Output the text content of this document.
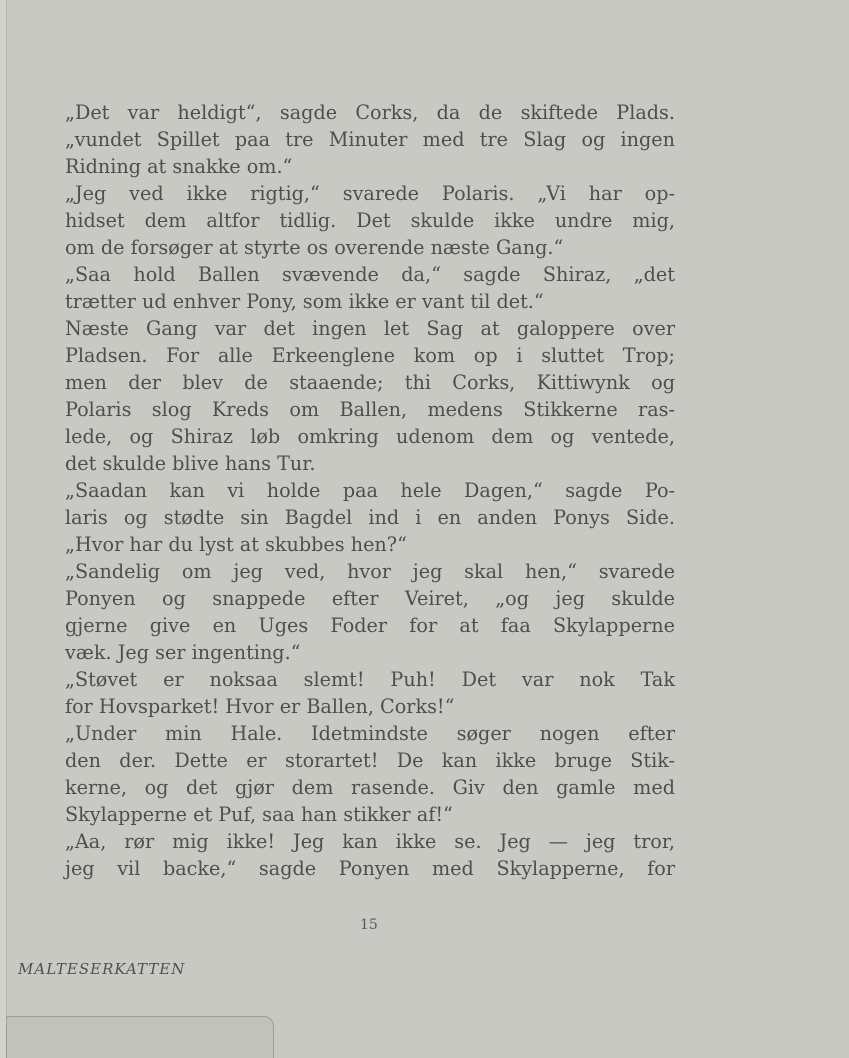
„Det var heldigt“, sagde Corks, da de skiftede Plads.
„vundet Spillet paa tre Minuter med tre Slag og ingen
Ridning at snakke om.“
„Jeg ved ikke rigtig,“ svarede Polaris. „Vi har op-
hidset dem altfor tidlig. Det skulde ikke undre mig,
om de forsøger at styrte os overende næste Gang.“
„Saa hold Ballen svævende da,“ sagde Shiraz, „det
trætter ud enhver Pony, som ikke er vant til det.“
Næste Gang var det ingen let Sag at galoppere over
Pladsen. For alle Erkeenglene kom op i sluttet Trop;
men der blev de staaende; thi Corks, Kittiwynk og
Polaris slog Kreds om Ballen, medens Stikkerne ras-
lede, og Shiraz løb omkring udenom dem og ventede,
det skulde blive hans Tur.
„Saadan kan vi holde paa hele Dagen,“ sagde Po-
laris og stødte sin Bagdel ind i en anden Ponys Side.
„Hvor har du lyst at skubbes hen?“
„Sandelig om jeg ved, hvor jeg skal hen,“ svarede
Ponyen og snappede efter Veiret, „og jeg skulde
gjerne give en Uges Foder for at faa Skylapperne
væk. Jeg ser ingenting.“
„Støvet er noksaa slemt! Puh! Det var nok Tak
for Hovsparket! Hvor er Ballen, Corks!“
„Under min Hale. Idetmindste søger nogen efter
den der. Dette er storartet! De kan ikke bruge Stik-
kerne, og det gjør dem rasende. Giv den gamle med
Skylapperne et Puf, saa han stikker af!“
„Aa, rør mig ikke! Jeg kan ikke se. Jeg — jeg tror,
jeg vil backe,“ sagde Ponyen med Skylapperne, for
15
MALTESERKATTEN
